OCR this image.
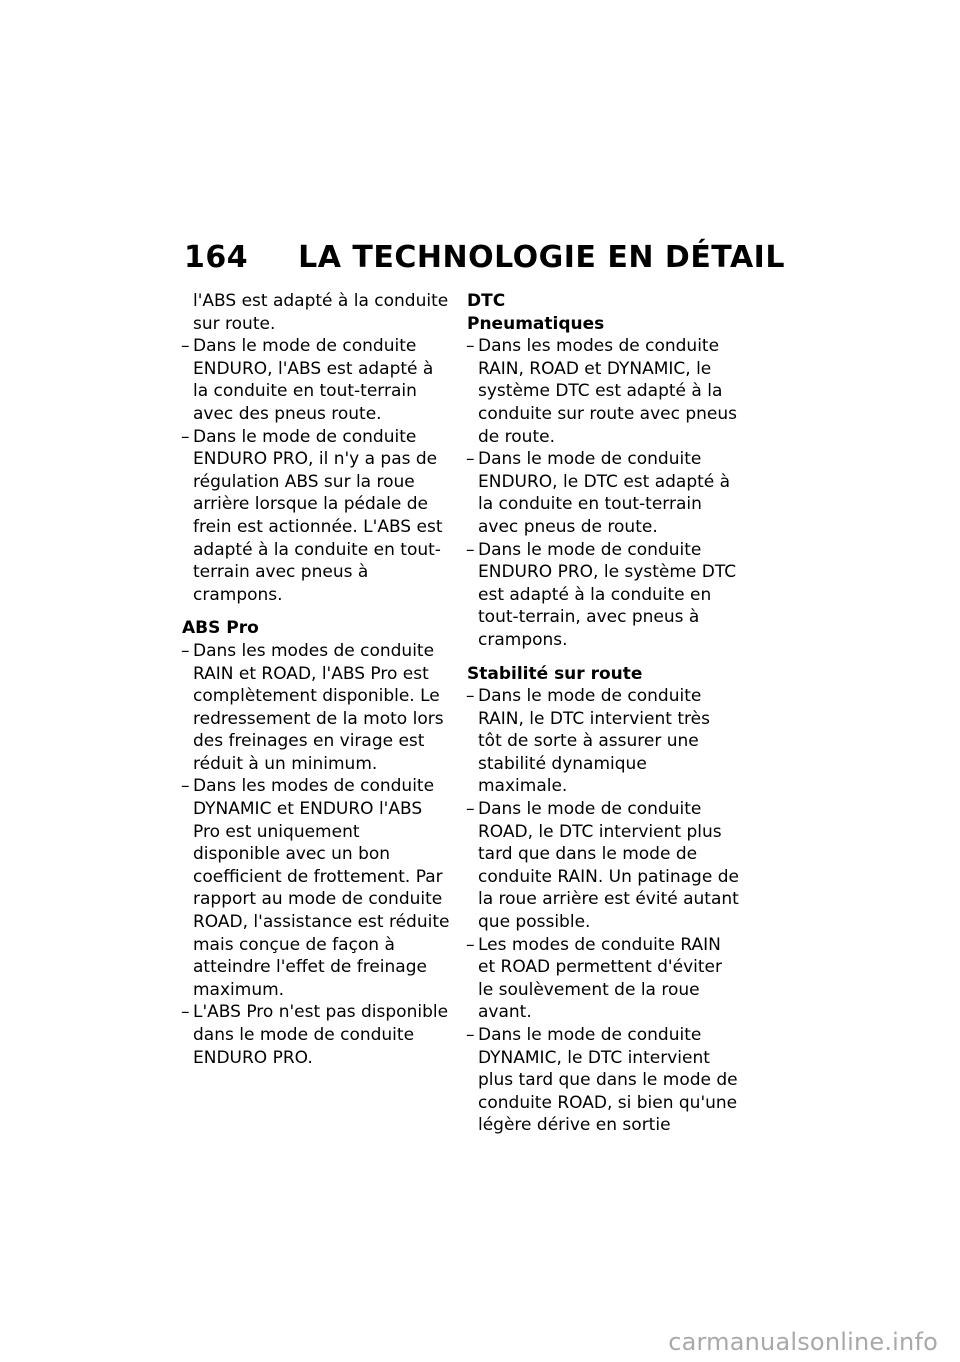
164 LA TECHNOLOGIE EN DÉTAIL
l'ABS est adapté à la conduite sur route.
– Dans le mode de conduite ENDURO, l'ABS est adapté à la conduite en tout-terrain avec des pneus route.
– Dans le mode de conduite ENDURO PRO, il n'y a pas de régulation ABS sur la roue arrière lorsque la pédale de frein est actionnée. L'ABS est adapté à la conduite en tout-terrain avec pneus à crampons.
ABS Pro
– Dans les modes de conduite RAIN et ROAD, l'ABS Pro est complètement disponible. Le redressement de la moto lors des freinages en virage est réduit à un minimum.
– Dans les modes de conduite DYNAMIC et ENDURO l'ABS Pro est uniquement disponible avec un bon coefficient de frottement. Par rapport au mode de conduite ROAD, l'assistance est réduite mais conçue de façon à atteindre l'effet de freinage maximum.
– L'ABS Pro n'est pas disponible dans le mode de conduite ENDURO PRO.
DTC
Pneumatiques
– Dans les modes de conduite RAIN, ROAD et DYNAMIC, le système DTC est adapté à la conduite sur route avec pneus de route.
– Dans le mode de conduite ENDURO, le DTC est adapté à la conduite en tout-terrain avec pneus de route.
– Dans le mode de conduite ENDURO PRO, le système DTC est adapté à la conduite en tout-terrain, avec pneus à crampons.
Stabilité sur route
– Dans le mode de conduite RAIN, le DTC intervient très tôt de sorte à assurer une stabilité dynamique maximale.
– Dans le mode de conduite ROAD, le DTC intervient plus tard que dans le mode de conduite RAIN. Un patinage de la roue arrière est évité autant que possible.
– Les modes de conduite RAIN et ROAD permettent d'éviter le soulèvement de la roue avant.
– Dans le mode de conduite DYNAMIC, le DTC intervient plus tard que dans le mode de conduite ROAD, si bien qu'une légère dérive en sortie
carmanualsonline.info
